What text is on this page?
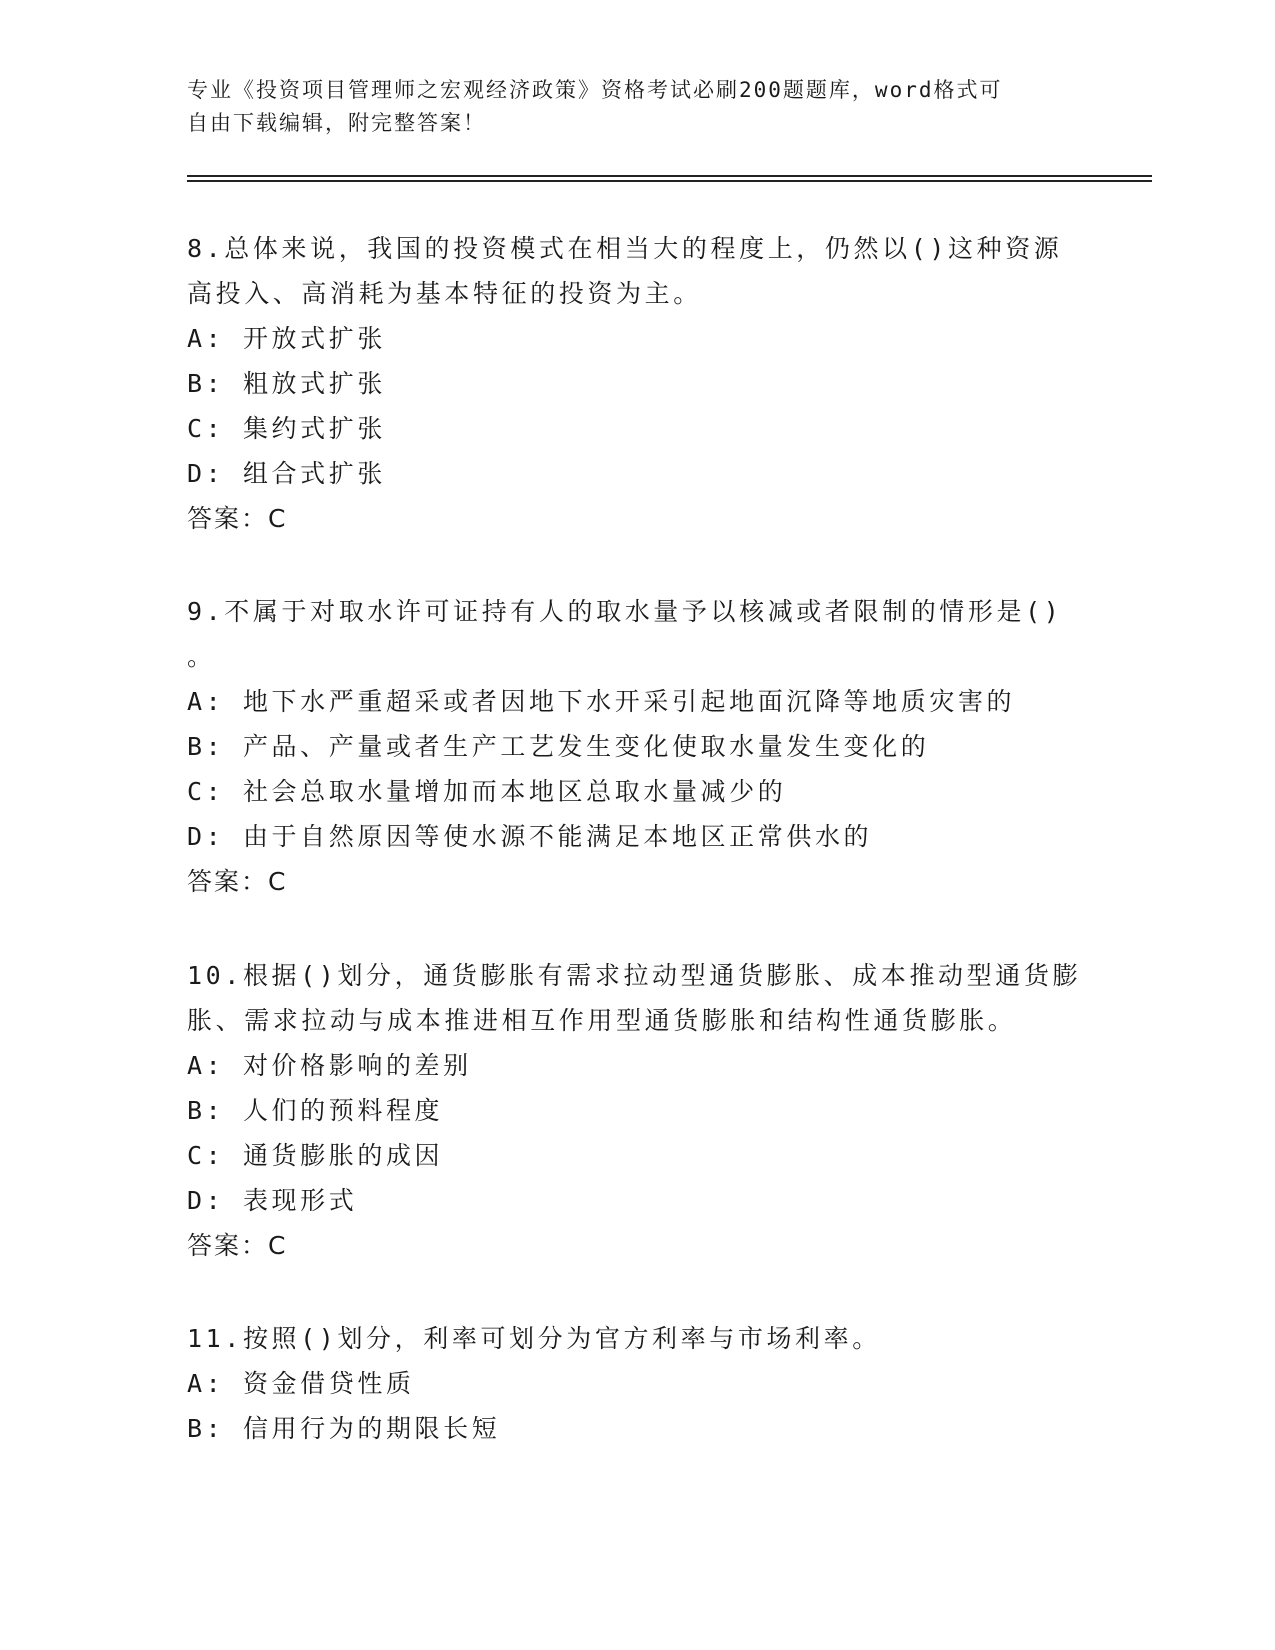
专业《投资项目管理师之宏观经济政策》资格考试必刷200题题库，word格式可
自由下载编辑，附完整答案！
8.总体来说，我国的投资模式在相当大的程度上，仍然以()这种资源
高投入、高消耗为基本特征的投资为主。
A: 开放式扩张
B: 粗放式扩张
C: 集约式扩张
D: 组合式扩张
答案：C
9.不属于对取水许可证持有人的取水量予以核减或者限制的情形是()
。
A: 地下水严重超采或者因地下水开采引起地面沉降等地质灾害的
B: 产品、产量或者生产工艺发生变化使取水量发生变化的
C: 社会总取水量增加而本地区总取水量减少的
D: 由于自然原因等使水源不能满足本地区正常供水的
答案：C
10.根据()划分，通货膨胀有需求拉动型通货膨胀、成本推动型通货膨
胀、需求拉动与成本推进相互作用型通货膨胀和结构性通货膨胀。
A: 对价格影响的差别
B: 人们的预料程度
C: 通货膨胀的成因
D: 表现形式
答案：C
11.按照()划分，利率可划分为官方利率与市场利率。
A: 资金借贷性质
B: 信用行为的期限长短
